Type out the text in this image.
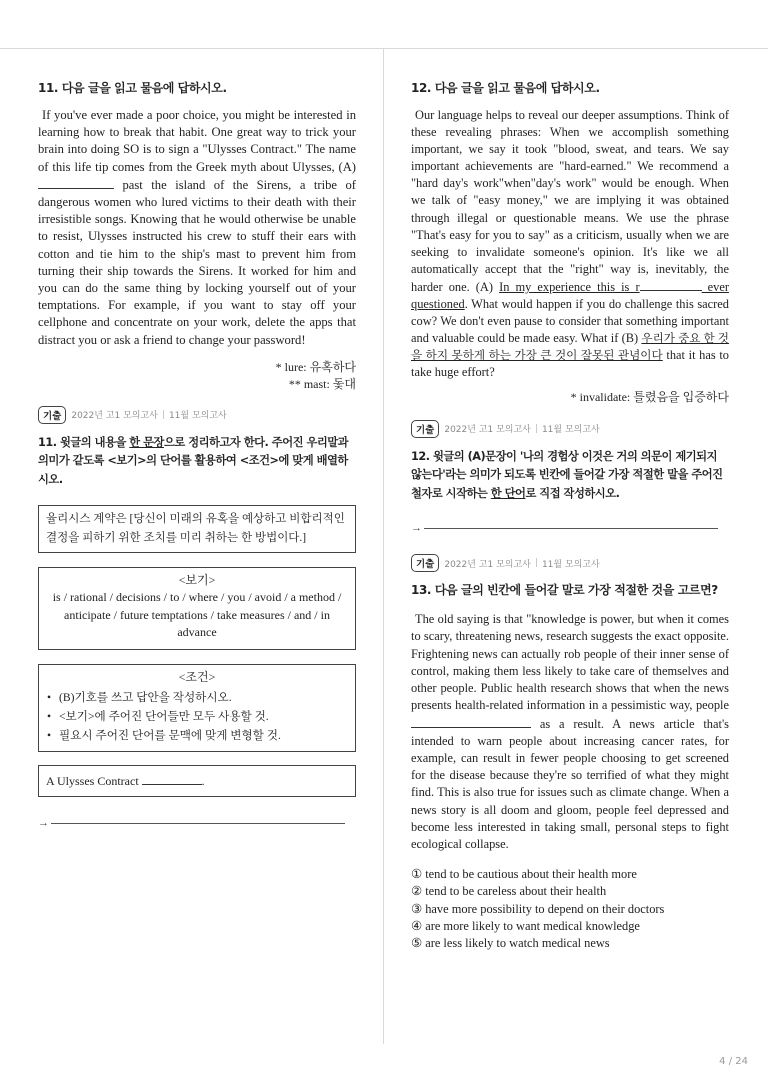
11. 다음 글을 읽고 물음에 답하시오.

If you've ever made a poor choice, you might be interested in learning how to break that habit. One great way to trick your brain into doing SO is to sign a "Ulysses Contract." The name of this life tip comes from the Greek myth about Ulysses, (A) past the island of the Sirens, a tribe of dangerous women who lured victims to their death with their irresistible songs. Knowing that he would otherwise be unable to resist, Ulysses instructed his crew to stuff their ears with cotton and tie him to the ship's mast to prevent him from turning their ship towards the Sirens. It worked for him and you can do the same thing by locking yourself out of your temptations. For example, if you want to stay off your cellphone and concentrate on your work, delete the apps that distract you or ask a friend to change your password!

* lure: 유혹하다
** mast: 돛대
기출	2022년 고1 모의고사 | 11월 모의고사

11. 윗글의 내용을 한 문장으로 정리하고자 한다. 주어진 우리말과 의미가 같도록 <보기>의 단어를 활용하여 <조건>에 맞게 배열하시오.

율리시스 계약은 [당신이 미래의 유혹을 예상하고 비합리적인 결정을 피하기 위한 조치를 미리 취하는 한 방법이다.]
<보기>
is / rational / decisions / to / where / you / avoid / a method / anticipate / future temptations / take measures / and / in advance
<조건>
• (B)기호를 쓰고 답안을 작성하시오.
• <보기>에 주어진 단어들만 모두 사용할 것.
• 필요시 주어진 단어를 문맥에 맞게 변형할 것.
A Ulysses Contract	.
→

12. 다음 글을 읽고 물음에 답하시오.

Our language helps to reveal our deeper assumptions. Think of these revealing phrases: When we accomplish something important, we say it took "blood, sweat, and tears. We say important achievements are "hard-earned." We recommend a "hard day's work"when"day's work" would be enough. When we talk of "easy money," we are implying it was obtained through illegal or questionable means. We use the phrase "That's easy for you to say" as a criticism, usually when we are seeking to invalidate someone's opinion. It's like we all automatically accept that the "right" way is, inevitably, the harder one. (A) In my experience this is r	ever questioned. What would happen if you do challenge this sacred cow? We don't even pause to consider that something important and valuable could be made easy. What if (B) 우리가 중요 한 것을 하지 못하게 하는 가장 큰 것이 잘못된 관념이다 that it has to take huge effort?

* invalidate: 틀렸음을 입증하다
기출	2022년 고1 모의고사 | 11월 모의고사

12. 윗글의 (A)문장이 '나의 경험상 이것은 거의 의문이 제기되지 않는다'라는 의미가 되도록 빈칸에 들어갈 가장 적절한 말을 주어진 철자로 시작하는 한 단어로 직접 작성하시오.

→
기출	2022년 고1 모의고사 | 11월 모의고사

13. 다음 글의 빈칸에 들어갈 말로 가장 적절한 것을 고르면?

The old saying is that "knowledge is power, but when it comes to scary, threatening news, research suggests the exact opposite. Frightening news can actually rob people of their inner sense of control, making them less likely to take care of themselves and other people. Public health research shows that when the news presents health-related information in a pessimistic way, people  as a result. A news article that's intended to warn people about increasing cancer rates, for example, can result in fewer people choosing to get screened for the disease because they're so terrified of what they might find. This is also true for issues such as climate change. When a news story is all doom and gloom, people feel depressed and become less interested in taking small, personal steps to fight ecological collapse.

① tend to be cautious about their health more
② tend to be careless about their health
③ have more possibility to depend on their doctors
④ are more likely to want medical knowledge
⑤ are less likely to watch medical news
4 / 24
